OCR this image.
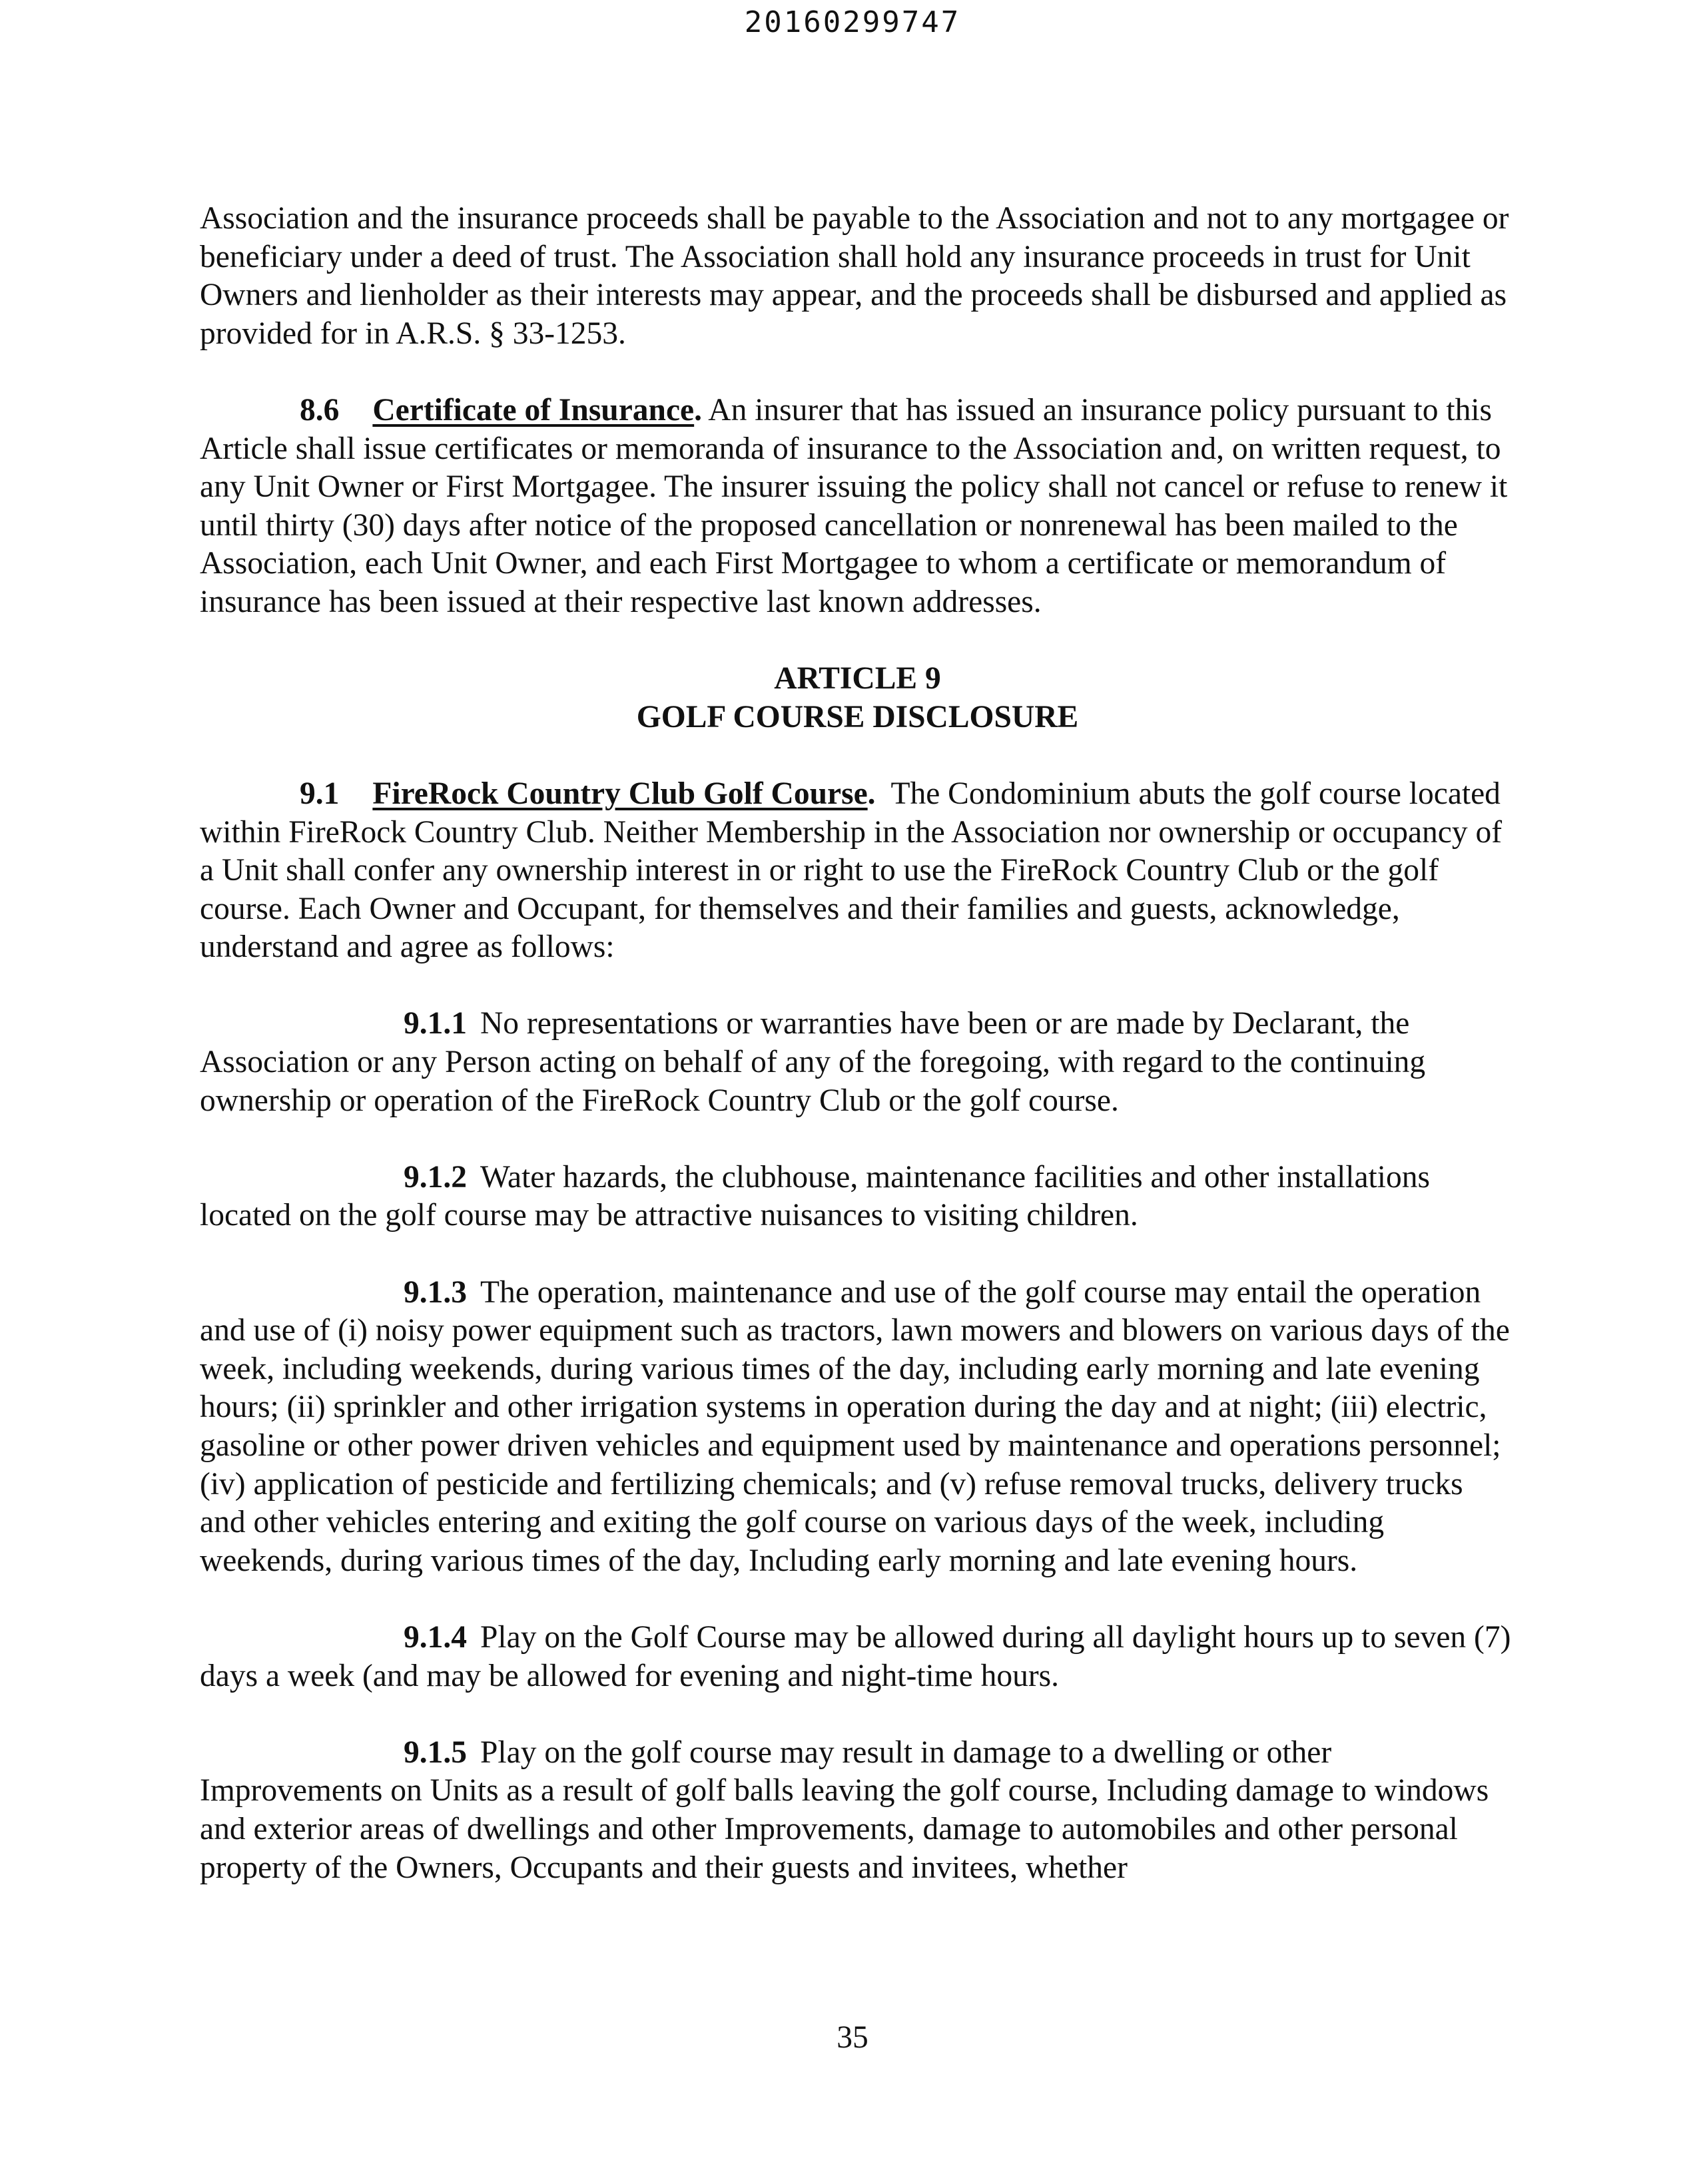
20160299747

Association and the insurance proceeds shall be payable to the Association and not to any mortgagee or beneficiary under a deed of trust. The Association shall hold any insurance proceeds in trust for Unit Owners and lienholder as their interests may appear, and the proceeds shall be disbursed and applied as provided for in A.R.S. § 33-1253.

8.6 Certificate of Insurance. An insurer that has issued an insurance policy pursuant to this Article shall issue certificates or memoranda of insurance to the Association and, on written request, to any Unit Owner or First Mortgagee. The insurer issuing the policy shall not cancel or refuse to renew it until thirty (30) days after notice of the proposed cancellation or nonrenewal has been mailed to the Association, each Unit Owner, and each First Mortgagee to whom a certificate or memorandum of insurance has been issued at their respective last known addresses.

ARTICLE 9
GOLF COURSE DISCLOSURE

9.1 FireRock Country Club Golf Course. The Condominium abuts the golf course located within FireRock Country Club. Neither Membership in the Association nor ownership or occupancy of a Unit shall confer any ownership interest in or right to use the FireRock Country Club or the golf course. Each Owner and Occupant, for themselves and their families and guests, acknowledge, understand and agree as follows:

9.1.1 No representations or warranties have been or are made by Declarant, the Association or any Person acting on behalf of any of the foregoing, with regard to the continuing ownership or operation of the FireRock Country Club or the golf course.

9.1.2 Water hazards, the clubhouse, maintenance facilities and other installations located on the golf course may be attractive nuisances to visiting children.

9.1.3 The operation, maintenance and use of the golf course may entail the operation and use of (i) noisy power equipment such as tractors, lawn mowers and blowers on various days of the week, including weekends, during various times of the day, including early morning and late evening hours; (ii) sprinkler and other irrigation systems in operation during the day and at night; (iii) electric, gasoline or other power driven vehicles and equipment used by maintenance and operations personnel; (iv) application of pesticide and fertilizing chemicals; and (v) refuse removal trucks, delivery trucks and other vehicles entering and exiting the golf course on various days of the week, including weekends, during various times of the day, Including early morning and late evening hours.

9.1.4 Play on the Golf Course may be allowed during all daylight hours up to seven (7) days a week (and may be allowed for evening and night-time hours.

9.1.5 Play on the golf course may result in damage to a dwelling or other Improvements on Units as a result of golf balls leaving the golf course, Including damage to windows and exterior areas of dwellings and other Improvements, damage to automobiles and other personal property of the Owners, Occupants and their guests and invitees, whether

35
